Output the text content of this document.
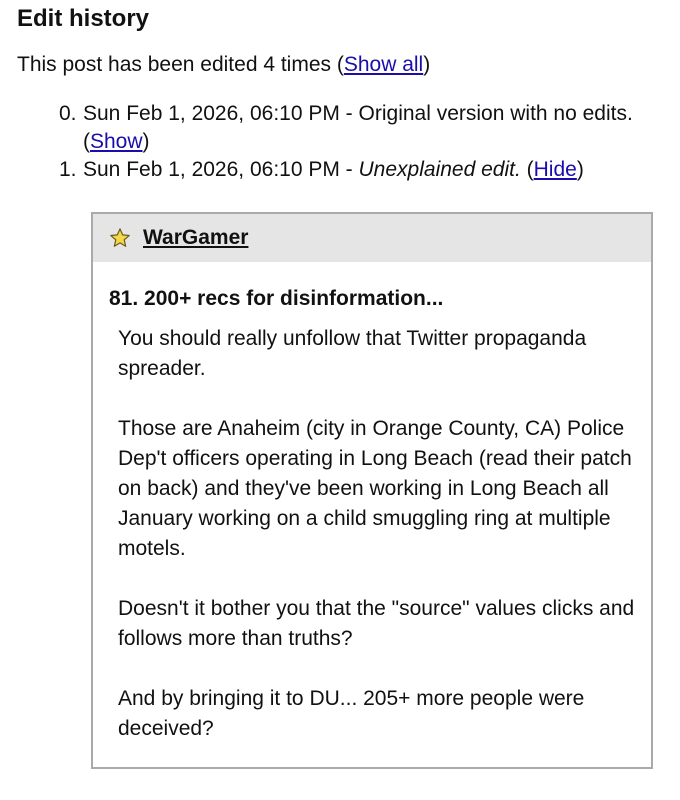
Edit history
This post has been edited 4 times (Show all)
0. Sun Feb 1, 2026, 06:10 PM - Original version with no edits.
(Show)
1. Sun Feb 1, 2026, 06:10 PM - Unexplained edit. (Hide)
WarGamer
81. 200+ recs for disinformation...

You should really unfollow that Twitter propaganda spreader.

Those are Anaheim (city in Orange County, CA) Police Dep't officers operating in Long Beach (read their patch on back) and they've been working in Long Beach all January working on a child smuggling ring at multiple motels.

Doesn't it bother you that the "source" values clicks and follows more than truths?

And by bringing it to DU... 205+ more people were deceived?
